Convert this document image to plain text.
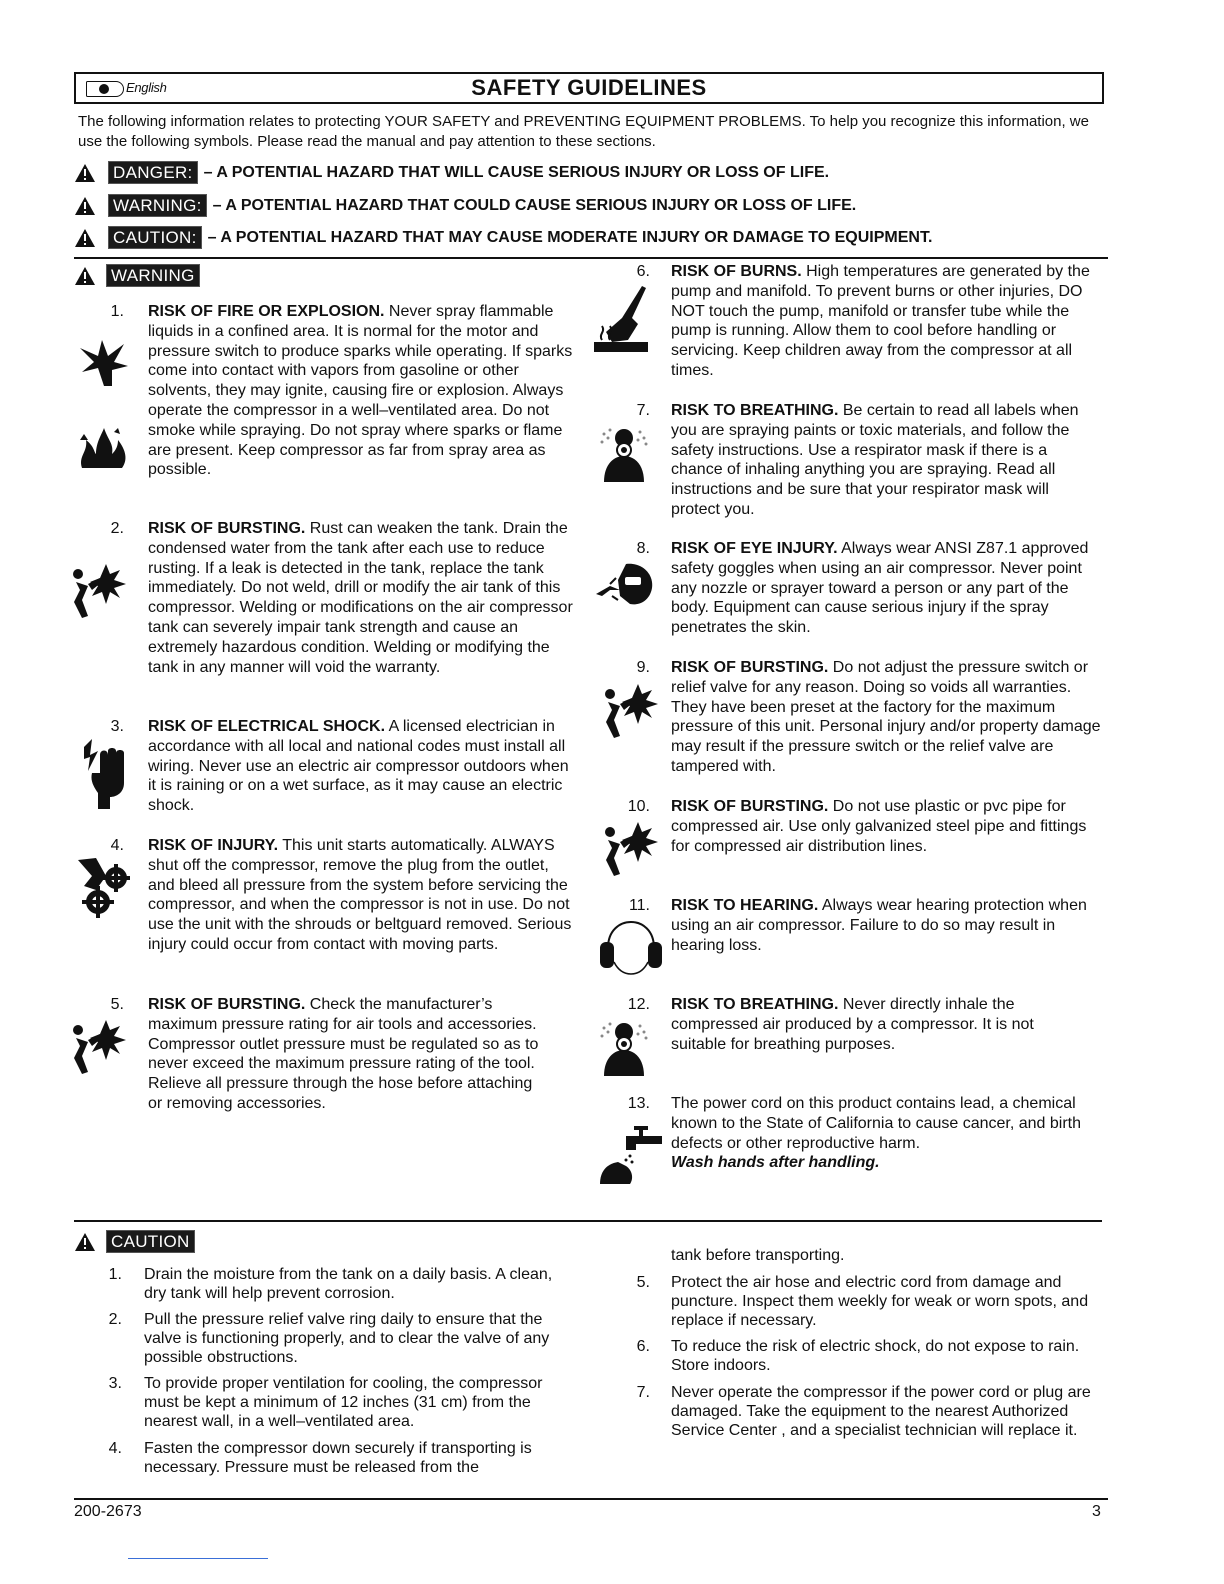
English	SAFETY GUIDELINES
The following information relates to protecting YOUR SAFETY and PREVENTING EQUIPMENT PROBLEMS. To help you recognize this information, we use the following symbols. Please read the manual and pay attention to these sections.
DANGER: – A POTENTIAL HAZARD THAT WILL CAUSE SERIOUS INJURY OR LOSS OF LIFE.
WARNING: – A POTENTIAL HAZARD THAT COULD CAUSE SERIOUS INJURY OR LOSS OF LIFE.
CAUTION: – A POTENTIAL HAZARD THAT MAY CAUSE MODERATE INJURY OR DAMAGE TO EQUIPMENT.
WARNING
1. RISK OF FIRE OR EXPLOSION. Never spray flammable liquids in a confined area. It is normal for the motor and pressure switch to produce sparks while operating. If sparks come into contact with vapors from gasoline or other solvents, they may ignite, causing fire or explosion. Always operate the compressor in a well–ventilated area. Do not smoke while spraying. Do not spray where sparks or flame are present. Keep compressor as far from spray area as possible.
2. RISK OF BURSTING. Rust can weaken the tank. Drain the condensed water from the tank after each use to reduce rusting. If a leak is detected in the tank, replace the tank immediately. Do not weld, drill or modify the air tank of this compressor. Welding or modifications on the air compressor tank can severely impair tank strength and cause an extremely hazardous condition. Welding or modifying the tank in any manner will void the warranty.
3. RISK OF ELECTRICAL SHOCK. A licensed electrician in accordance with all local and national codes must install all wiring. Never use an electric air compressor outdoors when it is raining or on a wet surface, as it may cause an electric shock.
4. RISK OF INJURY. This unit starts automatically. ALWAYS shut off the compressor, remove the plug from the outlet, and bleed all pressure from the system before servicing the compressor, and when the compressor is not in use. Do not use the unit with the shrouds or beltguard removed. Serious injury could occur from contact with moving parts.
5. RISK OF BURSTING. Check the manufacturer’s maximum pressure rating for air tools and accessories. Compressor outlet pressure must be regulated so as to never exceed the maximum pressure rating of the tool. Relieve all pressure through the hose before attaching or removing accessories.
6. RISK OF BURNS. High temperatures are generated by the pump and manifold. To prevent burns or other injuries, DO NOT touch the pump, manifold or transfer tube while the pump is running. Allow them to cool before handling or servicing. Keep children away from the compressor at all times.
7. RISK TO BREATHING. Be certain to read all labels when you are spraying paints or toxic materials, and follow the safety instructions. Use a respirator mask if there is a chance of inhaling anything you are spraying. Read all instructions and be sure that your respirator mask will protect you.
8. RISK OF EYE INJURY. Always wear ANSI Z87.1 approved safety goggles when using an air compressor. Never point any nozzle or sprayer toward a person or any part of the body. Equipment can cause serious injury if the spray penetrates the skin.
9. RISK OF BURSTING. Do not adjust the pressure switch or relief valve for any reason. Doing so voids all warranties. They have been preset at the factory for the maximum pressure of this unit. Personal injury and/or property damage may result if the pressure switch or the relief valve are tampered with.
10. RISK OF BURSTING. Do not use plastic or pvc pipe for compressed air. Use only galvanized steel pipe and fittings for compressed air distribution lines.
11. RISK TO HEARING. Always wear hearing protection when using an air compressor. Failure to do so may result in hearing loss.
12. RISK TO BREATHING. Never directly inhale the compressed air produced by a compressor. It is not suitable for breathing purposes.
13. The power cord on this product contains lead, a chemical known to the State of California to cause cancer, and birth defects or other reproductive harm.
Wash hands after handling.
CAUTION
1. Drain the moisture from the tank on a daily basis. A clean, dry tank will help prevent corrosion.
2. Pull the pressure relief valve ring daily to ensure that the valve is functioning properly, and to clear the valve of any possible obstructions.
3. To provide proper ventilation for cooling, the compressor must be kept a minimum of 12 inches (31 cm) from the nearest wall, in a well–ventilated area.
4. Fasten the compressor down securely if transporting is necessary. Pressure must be released from the
tank before transporting.
5. Protect the air hose and electric cord from damage and puncture. Inspect them weekly for weak or worn spots, and replace if necessary.
6. To reduce the risk of electric shock, do not expose to rain. Store indoors.
7. Never operate the compressor if the power cord or plug are damaged. Take the equipment to the nearest Authorized Service Center , and a specialist technician will replace it.
200-2673	3
